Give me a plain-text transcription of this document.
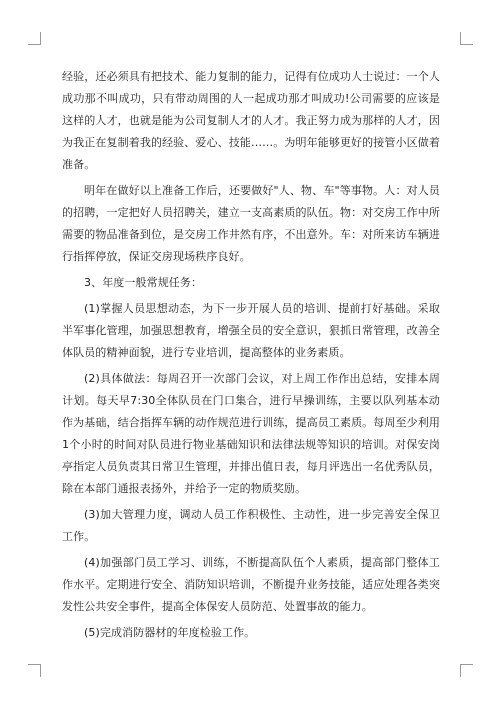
经验，还必须具有把技术、能力复制的能力，记得有位成功人士说过：一个人成功那不叫成功，只有带动周围的人一起成功那才叫成功!公司需要的应该是这样的人才，也就是能为公司复制人才的人才。我正努力成为那样的人才，因为我正在复制着我的经验、爱心、技能……。为明年能够更好的接管小区做着准备。

明年在做好以上准备工作后，还要做好"人、物、车"等事物。人：对人员的招聘，一定把好人员招聘关，建立一支高素质的队伍。物：对交房工作中所需要的物品准备到位，是交房工作井然有序，不出意外。车：对所来访车辆进行指挥停放，保证交房现场秩序良好。

3、年度一般常规任务：

(1)掌握人员思想动态，为下一步开展人员的培训、提前打好基础。采取半军事化管理，加强思想教育，增强全员的安全意识，狠抓日常管理，改善全体队员的精神面貌，进行专业培训，提高整体的业务素质。

(2)具体做法：每周召开一次部门会议，对上周工作作出总结，安排本周计划。每天早7:30全体队员在门口集合，进行早操训练，主要以队列基本动作为基础，结合指挥车辆的动作规范进行训练，提高员工素质。每周至少利用1个小时的时间对队员进行物业基础知识和法律法规等知识的培训。对保安岗亭指定人员负责其日常卫生管理，并排出值日表，每月评选出一名优秀队员，除在本部门通报表扬外，并给予一定的物质奖励。

(3)加大管理力度，调动人员工作积极性、主动性，进一步完善安全保卫工作。

(4)加强部门员工学习、训练，不断提高队伍个人素质，提高部门整体工作水平。定期进行安全、消防知识培训，不断提升业务技能，适应处理各类突发性公共安全事件，提高全体保安人员防范、处置事故的能力。

(5)完成消防器材的年度检验工作。
